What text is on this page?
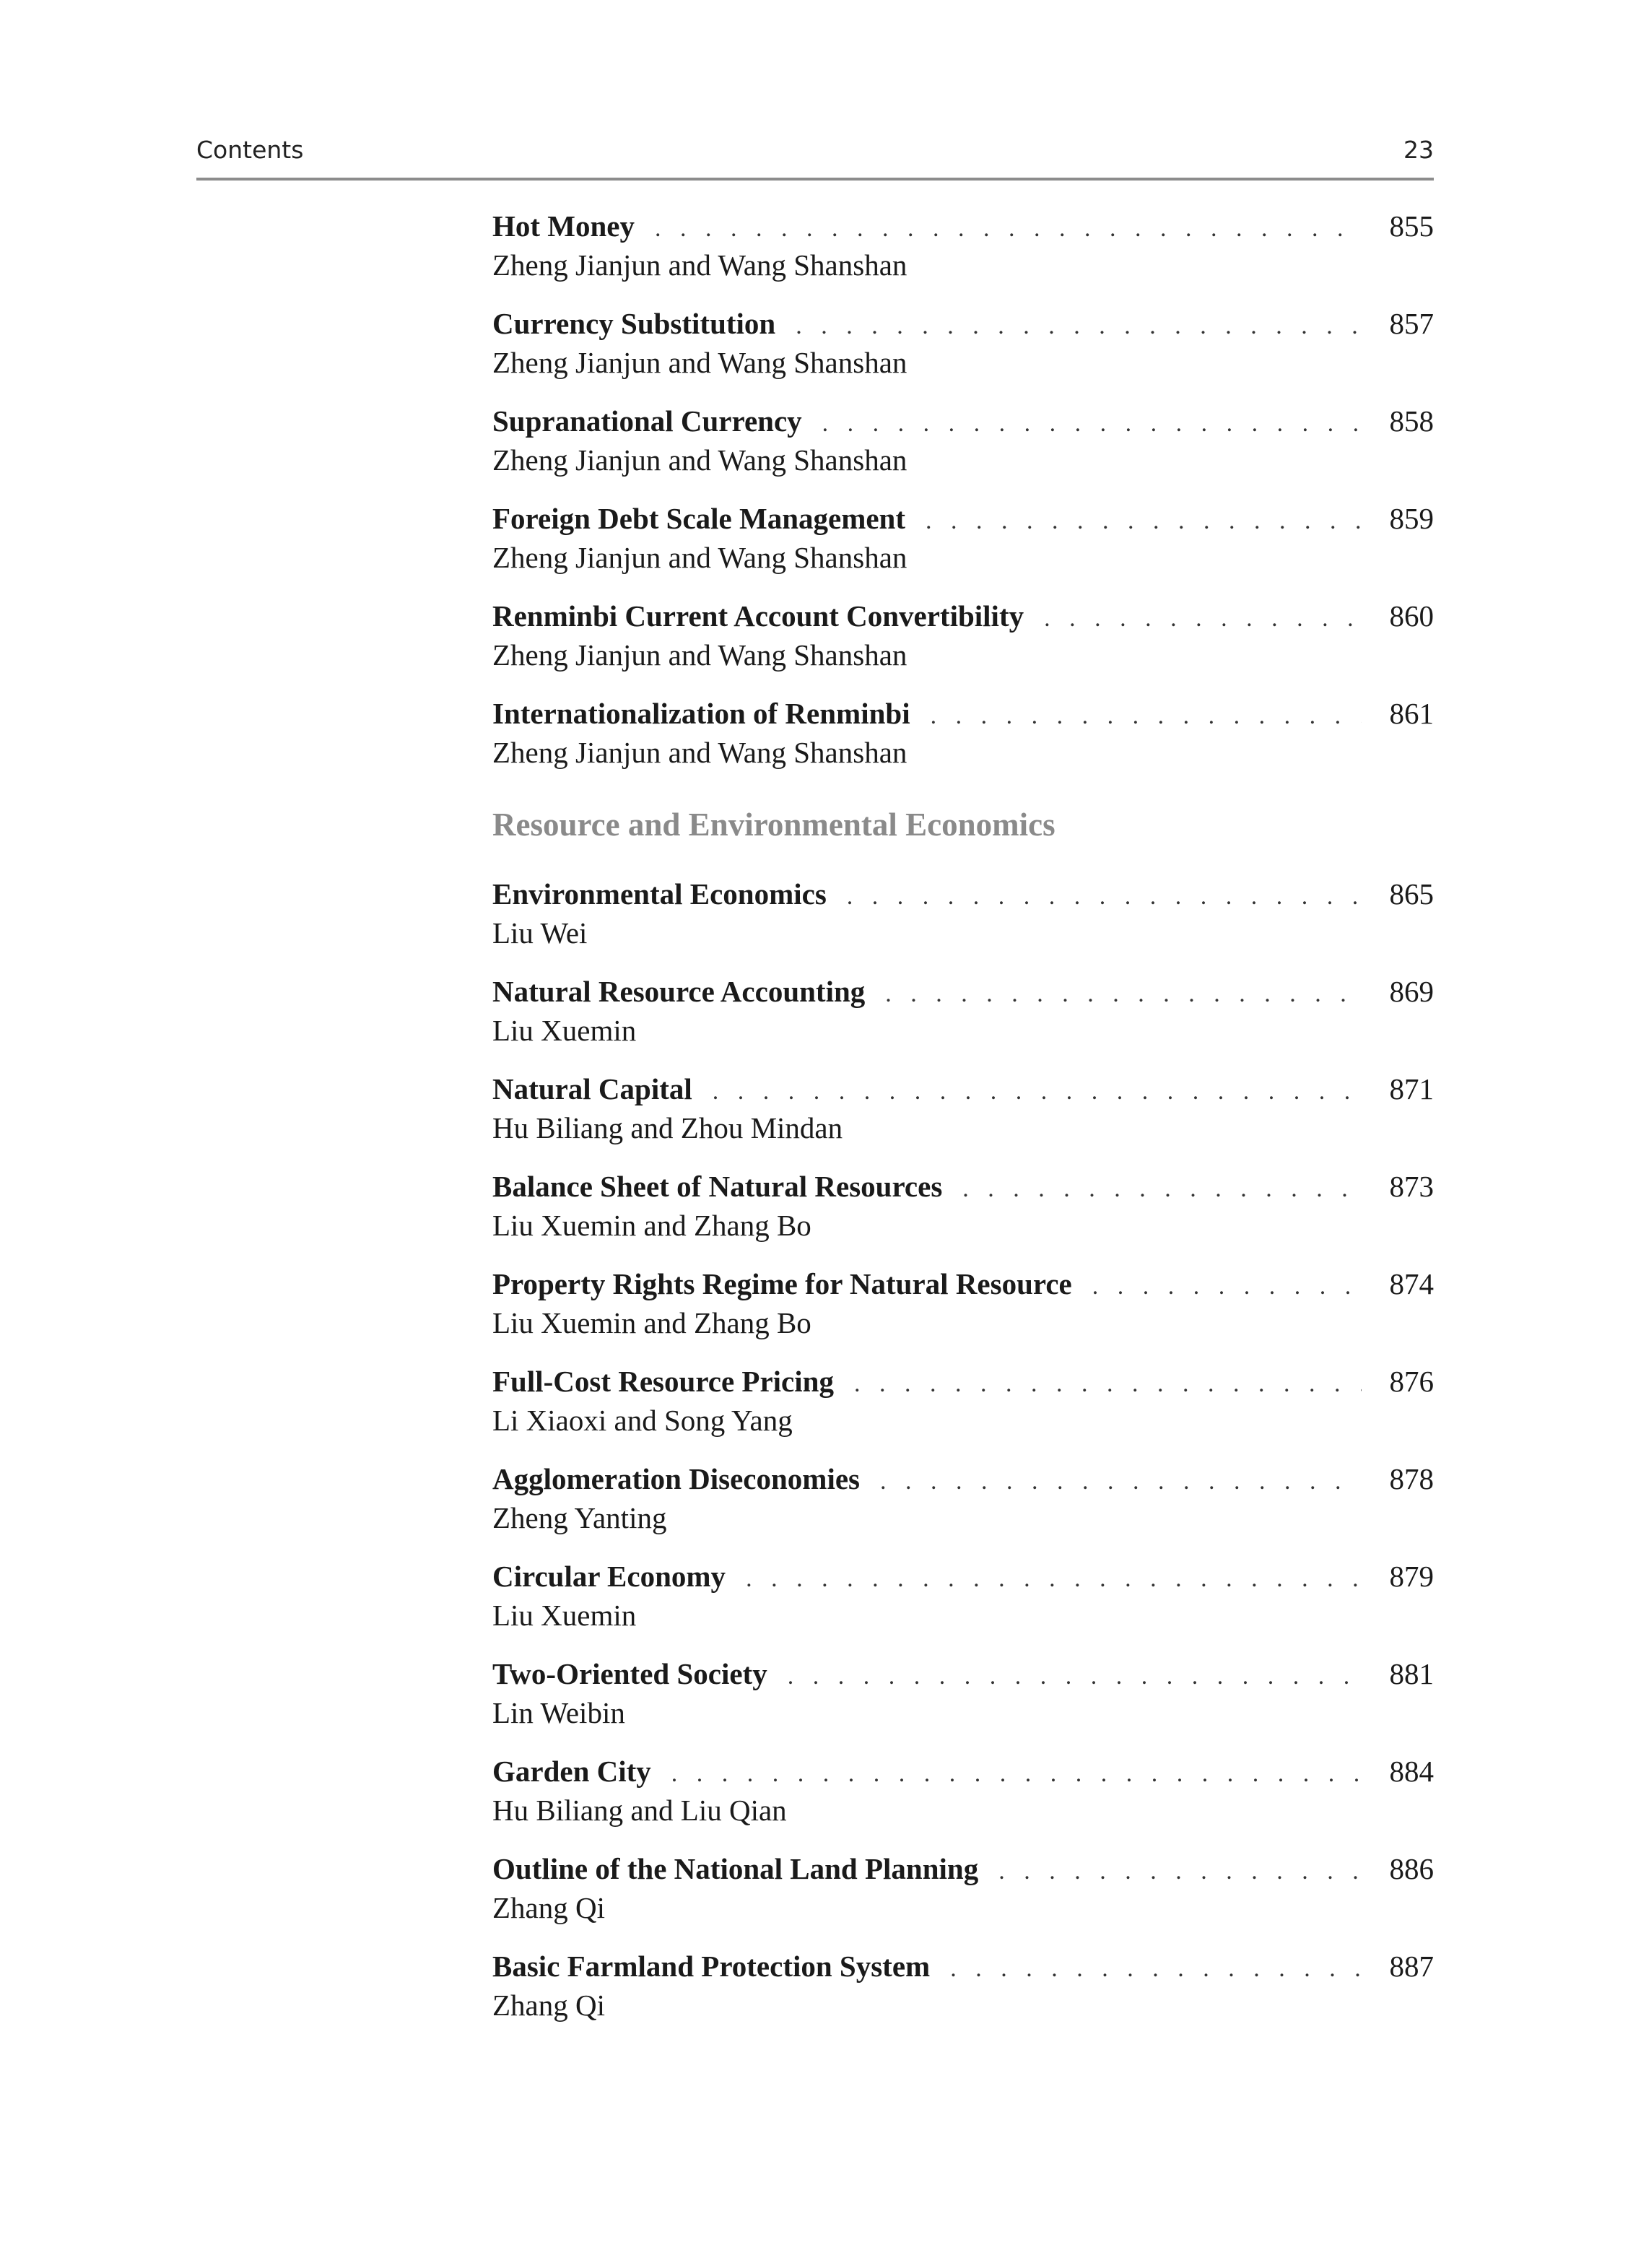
Contents	23
Hot Money . . .	855
Zheng Jianjun and Wang Shanshan
Currency Substitution . . .	857
Zheng Jianjun and Wang Shanshan
Supranational Currency . . .	858
Zheng Jianjun and Wang Shanshan
Foreign Debt Scale Management . . .	859
Zheng Jianjun and Wang Shanshan
Renminbi Current Account Convertibility . . .	860
Zheng Jianjun and Wang Shanshan
Internationalization of Renminbi . . .	861
Zheng Jianjun and Wang Shanshan
Resource and Environmental Economics
Environmental Economics . . .	865
Liu Wei
Natural Resource Accounting . . .	869
Liu Xuemin
Natural Capital . . .	871
Hu Biliang and Zhou Mindan
Balance Sheet of Natural Resources . . .	873
Liu Xuemin and Zhang Bo
Property Rights Regime for Natural Resource . . .	874
Liu Xuemin and Zhang Bo
Full-Cost Resource Pricing . . .	876
Li Xiaoxi and Song Yang
Agglomeration Diseconomies . . .	878
Zheng Yanting
Circular Economy . . .	879
Liu Xuemin
Two-Oriented Society . . .	881
Lin Weibin
Garden City . . .	884
Hu Biliang and Liu Qian
Outline of the National Land Planning . . .	886
Zhang Qi
Basic Farmland Protection System . . .	887
Zhang Qi
